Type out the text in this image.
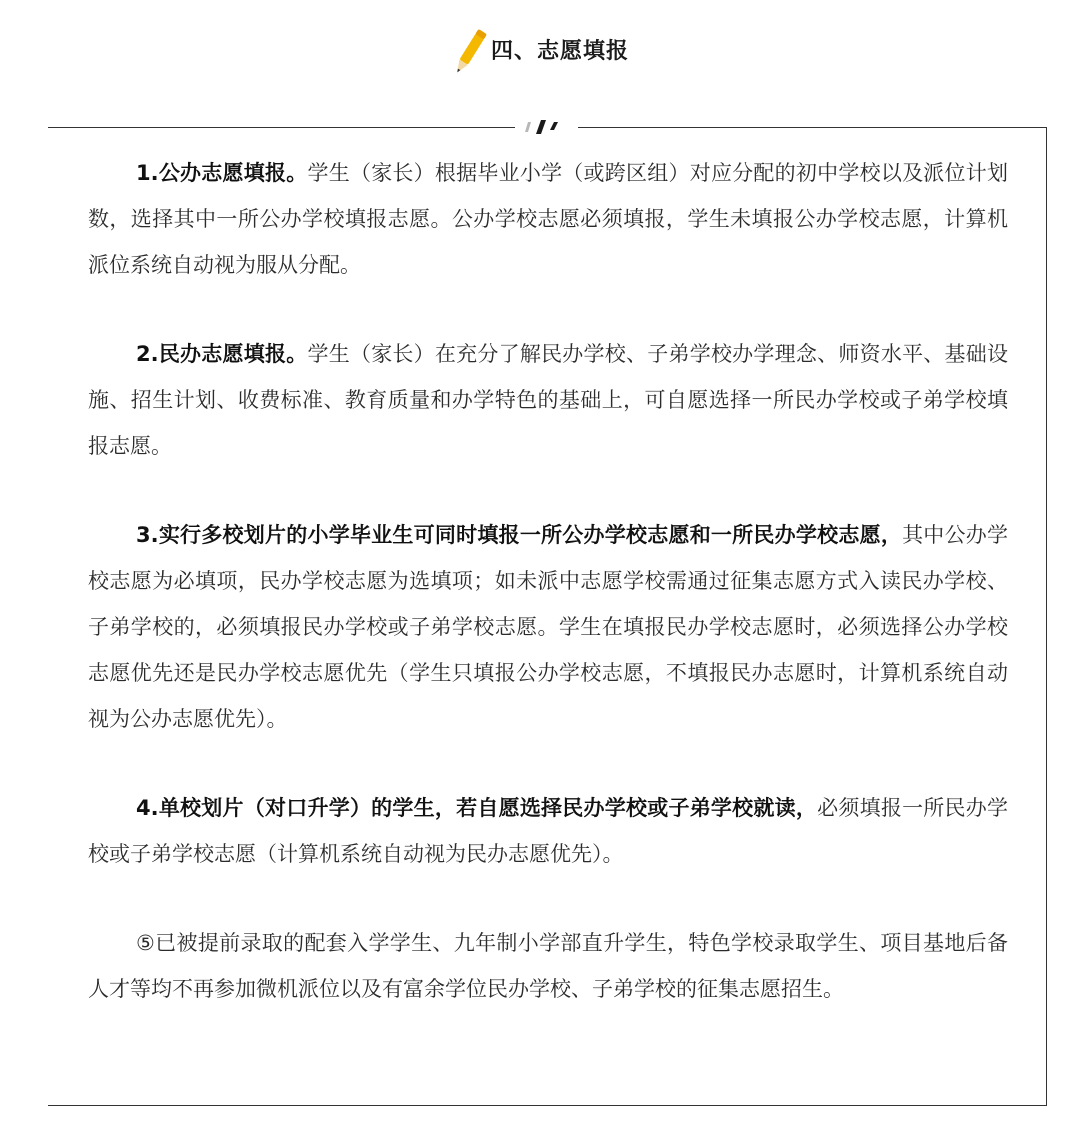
四、志愿填报

1.公办志愿填报。学生（家长）根据毕业小学（或跨区组）对应分配的初中学校以及派位计划数，选择其中一所公办学校填报志愿。公办学校志愿必须填报，学生未填报公办学校志愿，计算机派位系统自动视为服从分配。

2.民办志愿填报。学生（家长）在充分了解民办学校、子弟学校办学理念、师资水平、基础设施、招生计划、收费标准、教育质量和办学特色的基础上，可自愿选择一所民办学校或子弟学校填报志愿。

3.实行多校划片的小学毕业生可同时填报一所公办学校志愿和一所民办学校志愿，其中公办学校志愿为必填项，民办学校志愿为选填项；如未派中志愿学校需通过征集志愿方式入读民办学校、子弟学校的，必须填报民办学校或子弟学校志愿。学生在填报民办学校志愿时，必须选择公办学校志愿优先还是民办学校志愿优先（学生只填报公办学校志愿，不填报民办志愿时，计算机系统自动视为公办志愿优先）。

4.单校划片（对口升学）的学生，若自愿选择民办学校或子弟学校就读，必须填报一所民办学校或子弟学校志愿（计算机系统自动视为民办志愿优先）。

⑤已被提前录取的配套入学学生、九年制小学部直升学生，特色学校录取学生、项目基地后备人才等均不再参加微机派位以及有富余学位民办学校、子弟学校的征集志愿招生。
